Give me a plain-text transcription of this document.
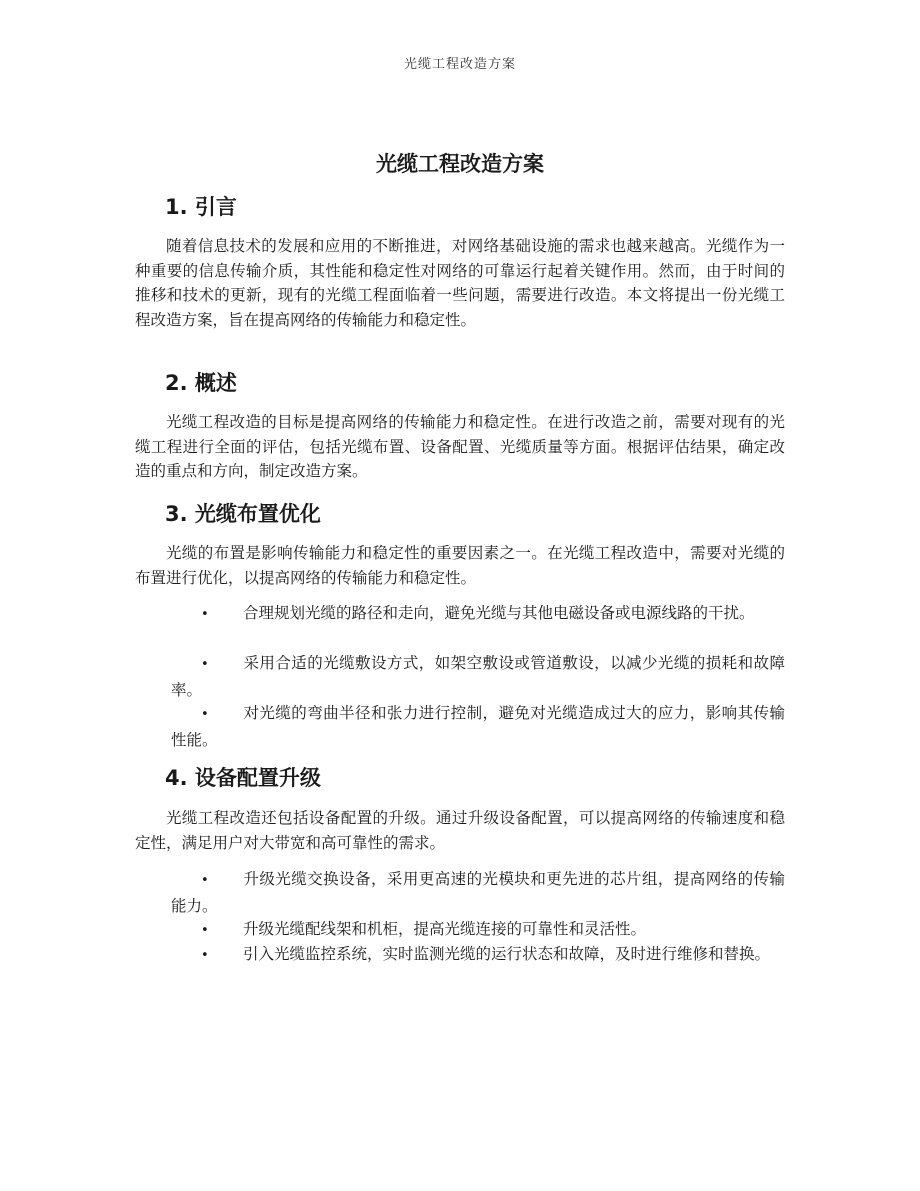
光缆工程改造方案
光缆工程改造方案
1. 引言
随着信息技术的发展和应用的不断推进，对网络基础设施的需求也越来越高。光缆作为一种重要的信息传输介质，其性能和稳定性对网络的可靠运行起着关键作用。然而，由于时间的推移和技术的更新，现有的光缆工程面临着一些问题，需要进行改造。本文将提出一份光缆工程改造方案，旨在提高网络的传输能力和稳定性。
2. 概述
光缆工程改造的目标是提高网络的传输能力和稳定性。在进行改造之前，需要对现有的光缆工程进行全面的评估，包括光缆布置、设备配置、光缆质量等方面。根据评估结果，确定改造的重点和方向，制定改造方案。
3. 光缆布置优化
光缆的布置是影响传输能力和稳定性的重要因素之一。在光缆工程改造中，需要对光缆的布置进行优化，以提高网络的传输能力和稳定性。
• 合理规划光缆的路径和走向，避免光缆与其他电磁设备或电源线路的干扰。
• 采用合适的光缆敷设方式，如架空敷设或管道敷设，以减少光缆的损耗和故障率。
• 对光缆的弯曲半径和张力进行控制，避免对光缆造成过大的应力，影响其传输性能。
4. 设备配置升级
光缆工程改造还包括设备配置的升级。通过升级设备配置，可以提高网络的传输速度和稳定性，满足用户对大带宽和高可靠性的需求。
• 升级光缆交换设备，采用更高速的光模块和更先进的芯片组，提高网络的传输能力。
• 升级光缆配线架和机柜，提高光缆连接的可靠性和灵活性。
• 引入光缆监控系统，实时监测光缆的运行状态和故障，及时进行维修和替换。
